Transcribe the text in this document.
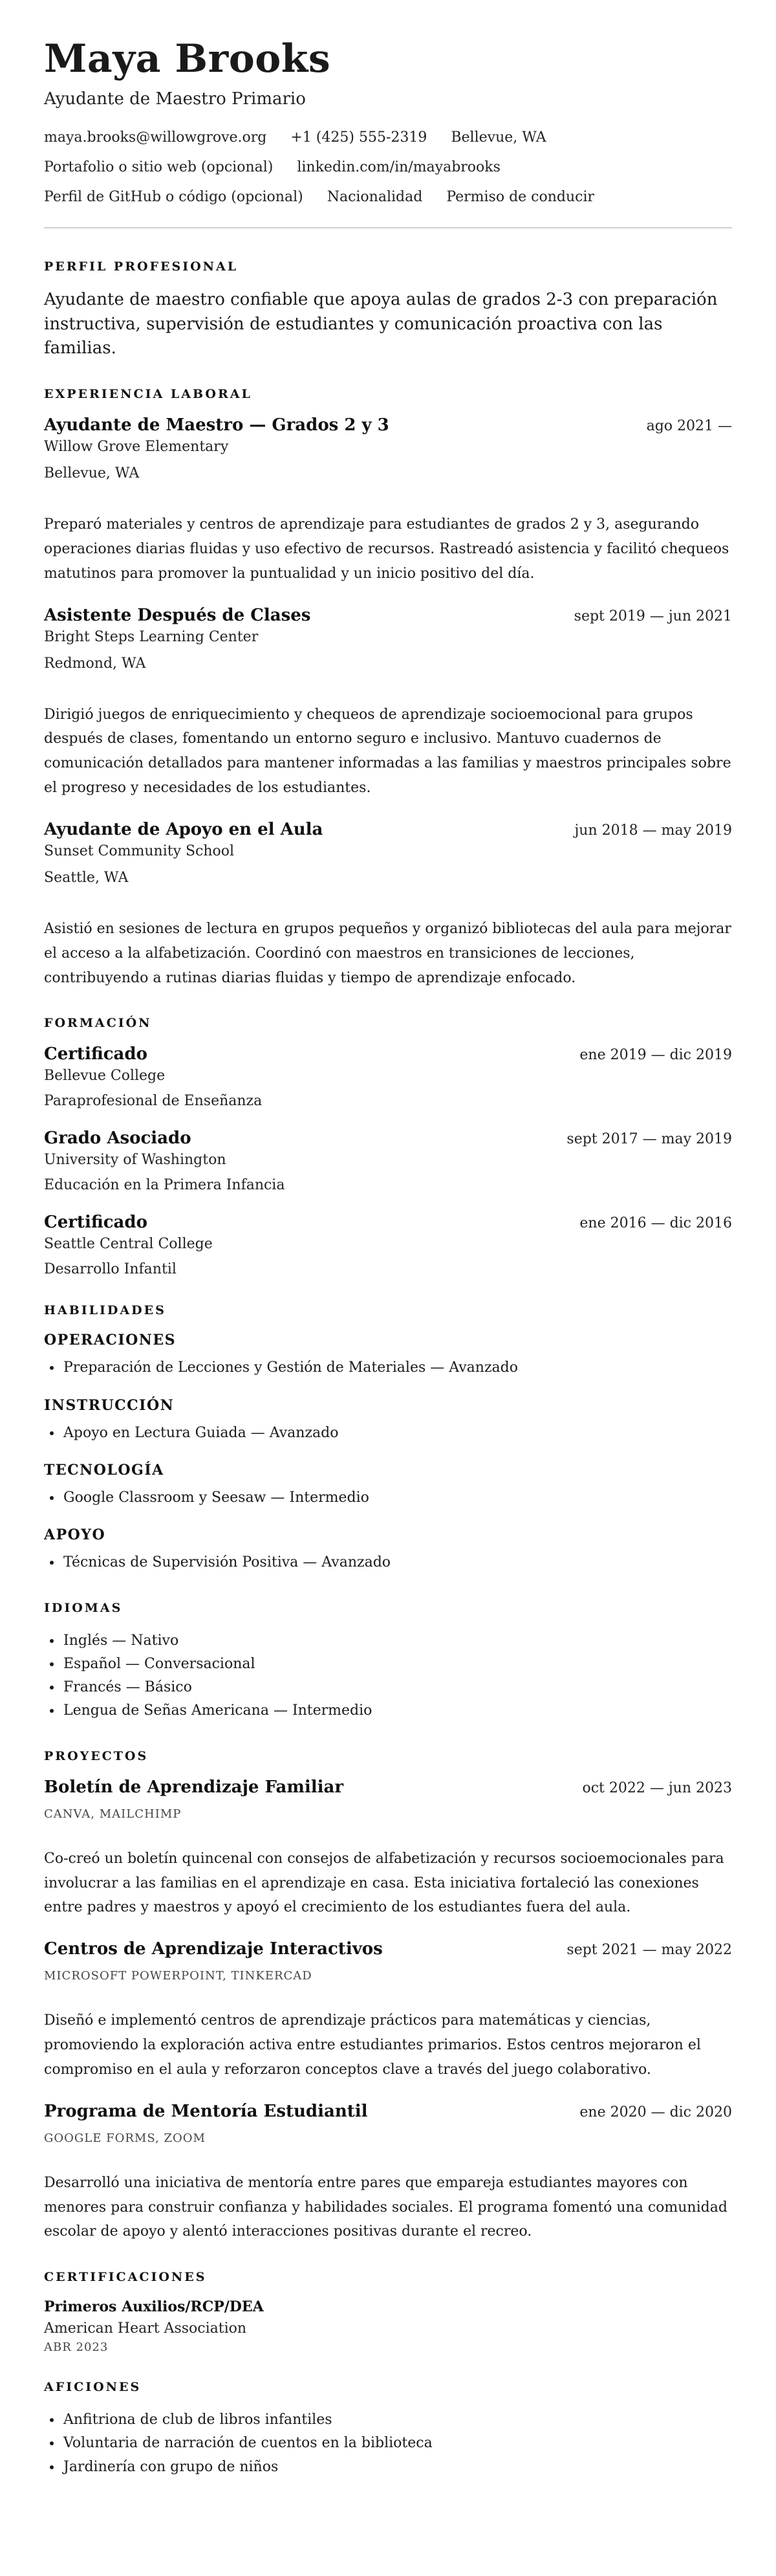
Maya Brooks
Ayudante de Maestro Primario
maya.brooks@willowgrove.org +1 (425) 555-2319 Bellevue, WA
Portafolio o sitio web (opcional) linkedin.com/in/mayabrooks
Perfil de GitHub o código (opcional) Nacionalidad Permiso de conducir
PERFIL PROFESIONAL

Ayudante de maestro confiable que apoya aulas de grados 2-3 con preparación instructiva, supervisión de estudiantes y comunicación proactiva con las familias.

EXPERIENCIA LABORAL
Ayudante de Maestro — Grados 2 y 3	ago 2021 —
Willow Grove Elementary
Bellevue, WA

Preparó materiales y centros de aprendizaje para estudiantes de grados 2 y 3, asegurando operaciones diarias fluidas y uso efectivo de recursos. Rastreadó asistencia y facilitó chequeos matutinos para promover la puntualidad y un inicio positivo del día.

Asistente Después de Clases	sept 2019 — jun 2021
Bright Steps Learning Center
Redmond, WA

Dirigió juegos de enriquecimiento y chequeos de aprendizaje socioemocional para grupos después de clases, fomentando un entorno seguro e inclusivo. Mantuvo cuadernos de comunicación detallados para mantener informadas a las familias y maestros principales sobre el progreso y necesidades de los estudiantes.

Ayudante de Apoyo en el Aula	jun 2018 — may 2019
Sunset Community School
Seattle, WA

Asistió en sesiones de lectura en grupos pequeños y organizó bibliotecas del aula para mejorar el acceso a la alfabetización. Coordinó con maestros en transiciones de lecciones, contribuyendo a rutinas diarias fluidas y tiempo de aprendizaje enfocado.

FORMACIÓN
Certificado	ene 2019 — dic 2019
Bellevue College
Paraprofesional de Enseñanza
Grado Asociado	sept 2017 — may 2019
University of Washington
Educación en la Primera Infancia
Certificado	ene 2016 — dic 2016
Seattle Central College
Desarrollo Infantil
HABILIDADES
OPERACIONES
• Preparación de Lecciones y Gestión de Materiales — Avanzado
INSTRUCCIÓN
• Apoyo en Lectura Guiada — Avanzado
TECNOLOGÍA
• Google Classroom y Seesaw — Intermedio
APOYO
• Técnicas de Supervisión Positiva — Avanzado
IDIOMAS
• Inglés — Nativo
• Español — Conversacional
• Francés — Básico
• Lengua de Señas Americana — Intermedio
PROYECTOS
Boletín de Aprendizaje Familiar	oct 2022 — jun 2023
CANVA, MAILCHIMP

Co-creó un boletín quincenal con consejos de alfabetización y recursos socioemocionales para involucrar a las familias en el aprendizaje en casa. Esta iniciativa fortaleció las conexiones entre padres y maestros y apoyó el crecimiento de los estudiantes fuera del aula.

Centros de Aprendizaje Interactivos	sept 2021 — may 2022
MICROSOFT POWERPOINT, TINKERCAD

Diseñó e implementó centros de aprendizaje prácticos para matemáticas y ciencias, promoviendo la exploración activa entre estudiantes primarios. Estos centros mejoraron el compromiso en el aula y reforzaron conceptos clave a través del juego colaborativo.

Programa de Mentoría Estudiantil	ene 2020 — dic 2020
GOOGLE FORMS, ZOOM

Desarrolló una iniciativa de mentoría entre pares que empareja estudiantes mayores con menores para construir confianza y habilidades sociales. El programa fomentó una comunidad escolar de apoyo y alentó interacciones positivas durante el recreo.

CERTIFICACIONES

Primeros Auxilios/RCP/DEA

American Heart Association

ABR 2023

AFICIONES
• Anfitriona de club de libros infantiles
• Voluntaria de narración de cuentos en la biblioteca
• Jardinería con grupo de niños
